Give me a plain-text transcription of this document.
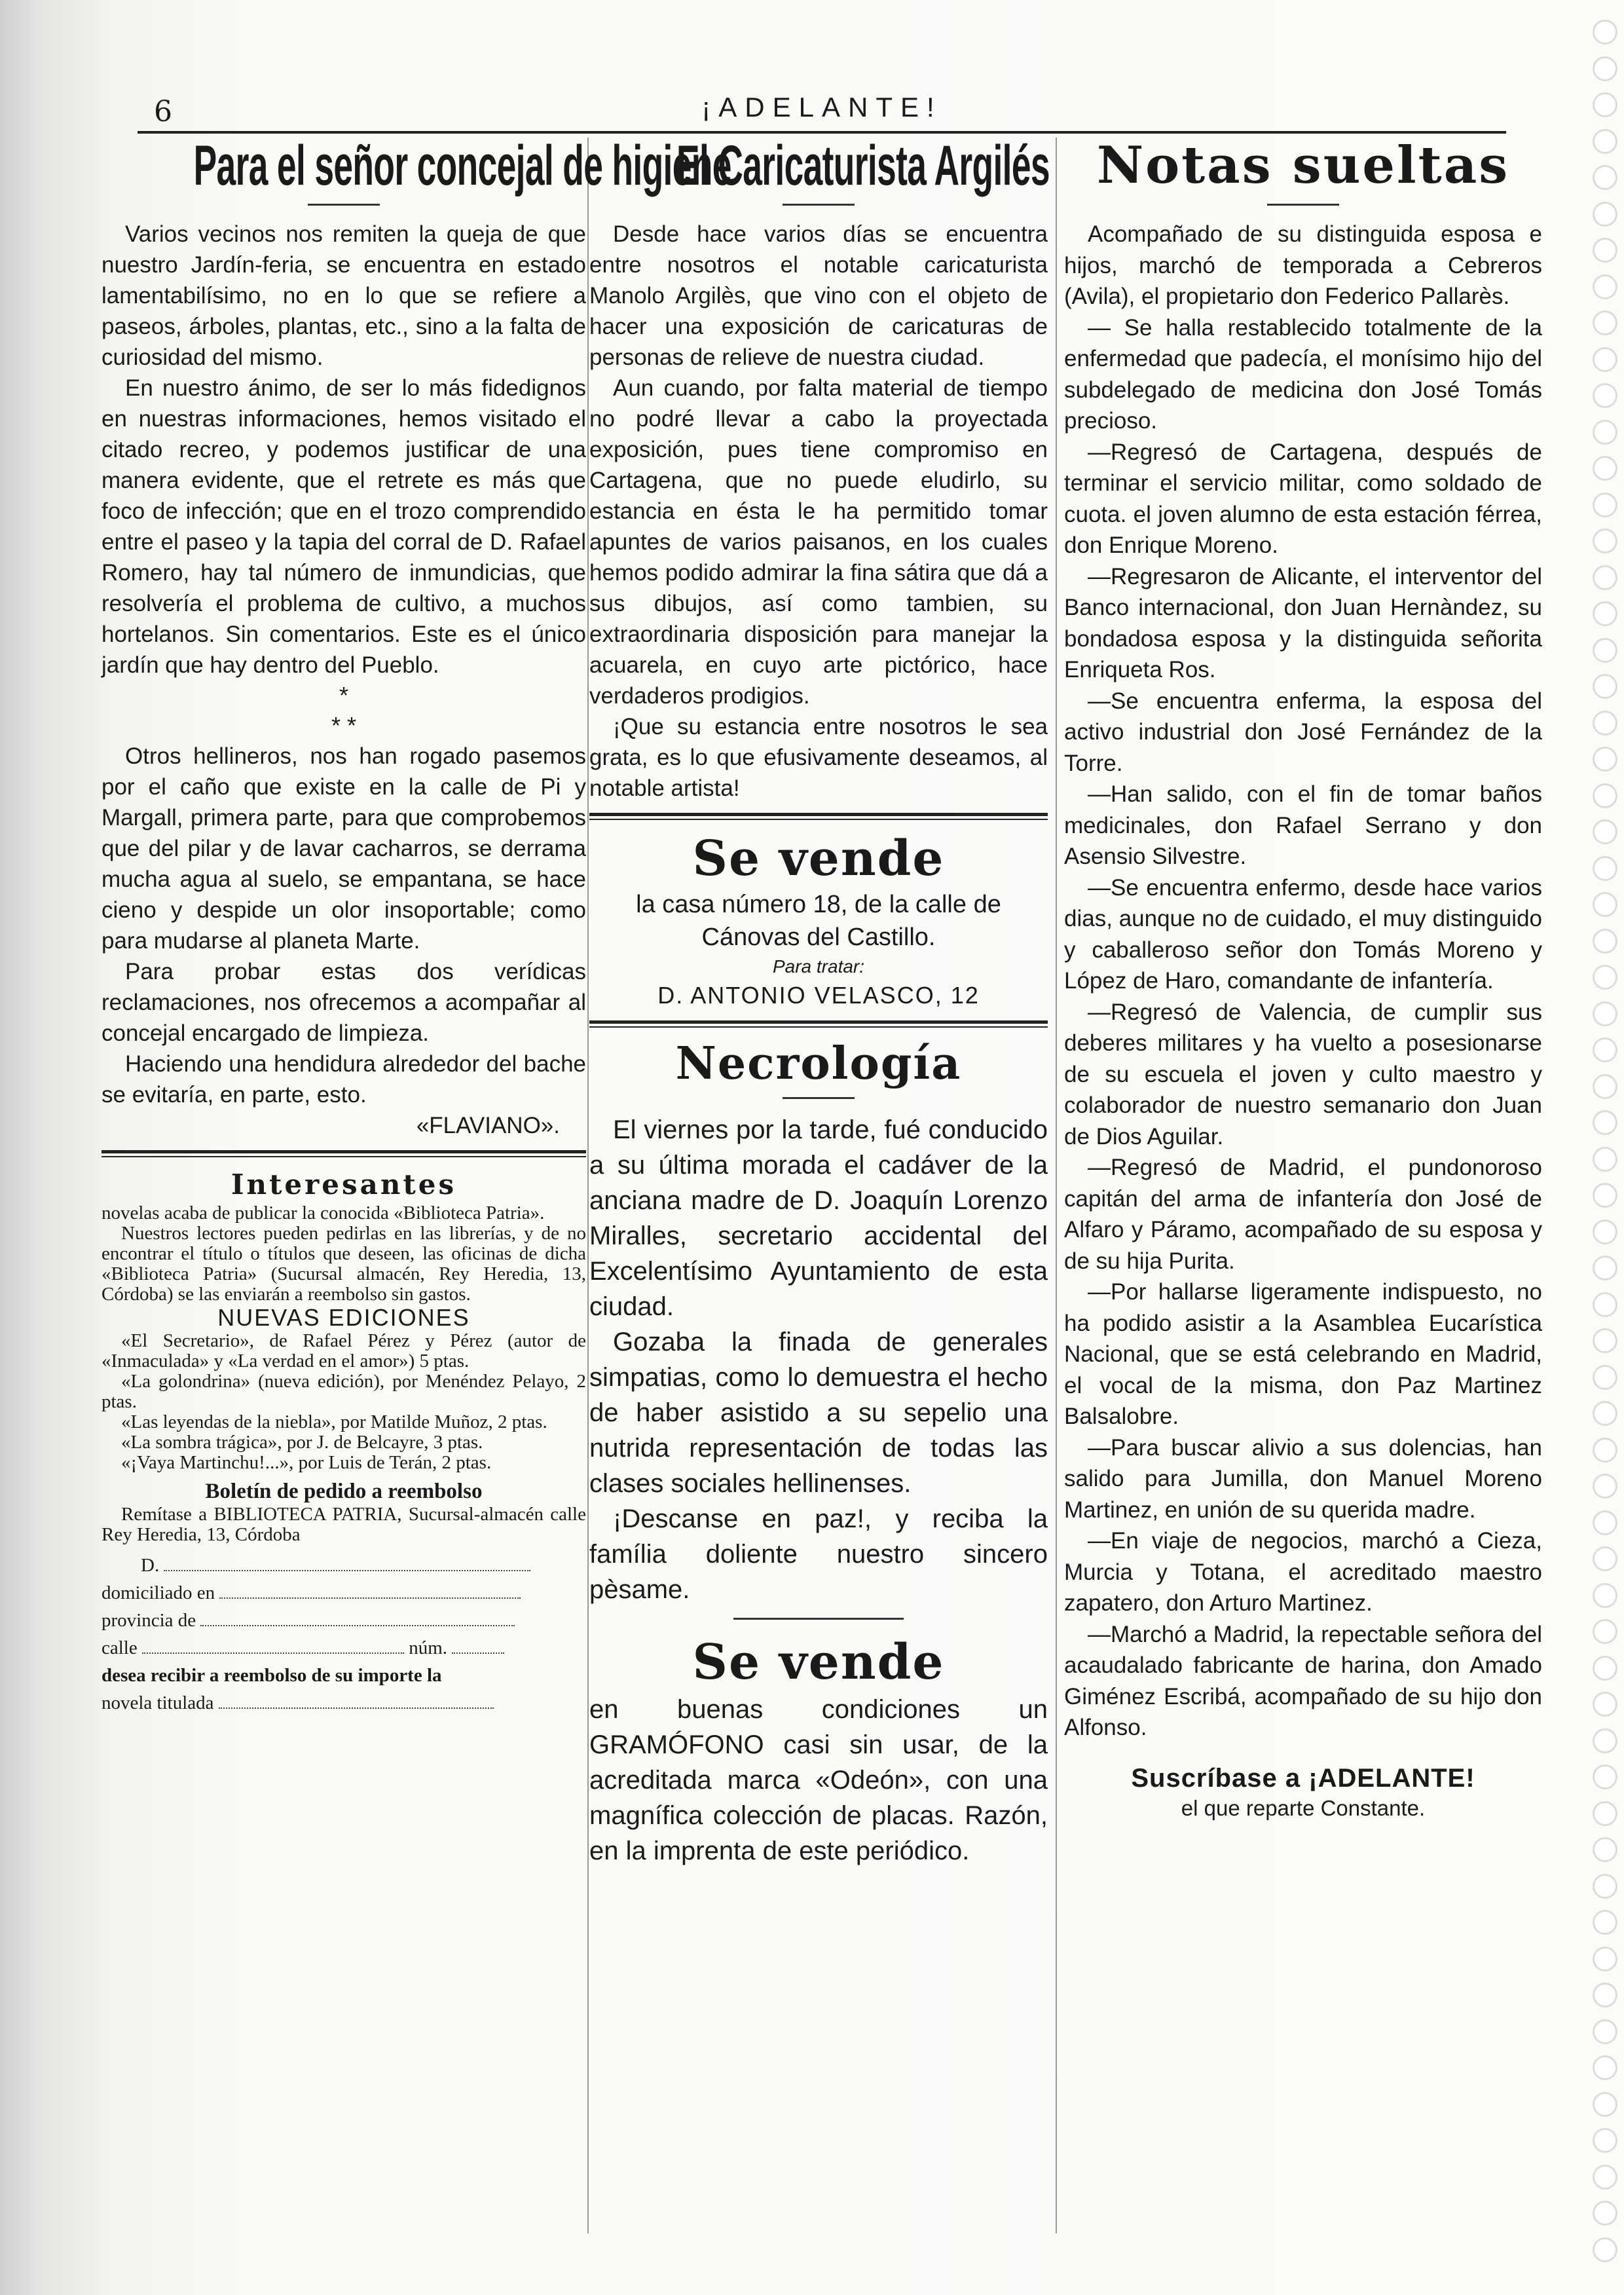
6	¡ADELANTE!
Para el señor concejal de higiene

Varios vecinos nos remiten la queja de que nuestro Jardín-feria, se encuentra en estado lamentabilísimo, no en lo que se refiere a paseos, árboles, plantas, etc., sino a la falta de curiosidad del mismo.

En nuestro ánimo, de ser lo más fidedignos en nuestras informaciones, hemos visitado el citado recreo, y podemos justificar de una manera evidente, que el retrete es más que foco de infección; que en el trozo comprendido entre el paseo y la tapia del corral de D. Rafael Romero, hay tal número de inmundicias, que resolvería el problema de cultivo, a muchos hortelanos. Sin comentarios. Este es el único jardín que hay dentro del Pueblo.

*
* *

Otros hellineros, nos han rogado pasemos por el caño que existe en la calle de Pi y Margall, primera parte, para que comprobemos que del pilar y de lavar cacharros, se derrama mucha agua al suelo, se empantana, se hace cieno y despide un olor insoportable; como para mudarse al planeta Marte.

Para probar estas dos verídicas reclamaciones, nos ofrecemos a acompañar al concejal encargado de limpieza.

Haciendo una hendidura alrededor del bache se evitaría, en parte, esto.

«FLAVIANO».
Interesantes

novelas acaba de publicar la conocida «Biblioteca Patria».

Nuestros lectores pueden pedirlas en las librerías, y de no encontrar el título o títulos que deseen, las oficinas de dicha «Biblioteca Patria» (Sucursal almacén, Rey Heredia, 13, Córdoba) se las enviarán a reembolso sin gastos.

NUEVAS EDICIONES

«El Secretario», de Rafael Pérez y Pérez (autor de «Inmaculada» y «La verdad en el amor») 5 ptas.

«La golondrina» (nueva edición), por Menéndez Pelayo, 2 ptas.

«Las leyendas de la niebla», por Matilde Muñoz, 2 ptas.

«La sombra trágica», por J. de Belcayre, 3 ptas.

«¡Vaya Martinchu!...», por Luis de Terán, 2 ptas.

Boletín de pedido a reembolso

Remítase a BIBLIOTECA PATRIA, Sucursal-almacén calle Rey Heredia, 13, Córdoba

D.
domiciliado en
provincia de
calle	núm.
desea recibir a reembolso de su importe la
novela titulada
El Caricaturista Argilés

Desde hace varios días se encuentra entre nosotros el notable caricaturista Manolo Argilès, que vino con el objeto de hacer una exposición de caricaturas de personas de relieve de nuestra ciudad.

Aun cuando, por falta material de tiempo no podré llevar a cabo la proyectada exposición, pues tiene compromiso en Cartagena, que no puede eludirlo, su estancia en ésta le ha permitido tomar apuntes de varios paisanos, en los cuales hemos podido admirar la fina sátira que dá a sus dibujos, así como tambien, su extraordinaria disposición para manejar la acuarela, en cuyo arte pictórico, hace verdaderos prodigios.

¡Que su estancia entre nosotros le sea grata, es lo que efusivamente deseamos, al notable artista!

Se vende
la casa número 18, de la calle de Cánovas del Castillo.
Para tratar:
D. ANTONIO VELASCO, 12
Necrología

El viernes por la tarde, fué conducido a su última morada el cadáver de la anciana madre de D. Joaquín Lorenzo Miralles, secretario accidental del Excelentísimo Ayuntamiento de esta ciudad.

Gozaba la finada de generales simpatias, como lo demuestra el hecho de haber asistido a su sepelio una nutrida representación de todas las clases sociales hellinenses.

¡Descanse en paz!, y reciba la família doliente nuestro sincero pèsame.

Se vende

en buenas condiciones un GRAMÓFONO casi sin usar, de la acreditada marca «Odeón», con una magnífica colección de placas. Razón, en la imprenta de este periódico.

Notas sueltas

Acompañado de su distinguida esposa e hijos, marchó de temporada a Cebreros (Avila), el propietario don Federico Pallarès.

— Se halla restablecido totalmente de la enfermedad que padecía, el monísimo hijo del subdelegado de medicina don José Tomás precioso.

—Regresó de Cartagena, después de terminar el servicio militar, como soldado de cuota. el joven alumno de esta estación férrea, don Enrique Moreno.

—Regresaron de Alicante, el interventor del Banco internacional, don Juan Hernàndez, su bondadosa esposa y la distinguida señorita Enriqueta Ros.

—Se encuentra enferma, la esposa del activo industrial don José Fernández de la Torre.

—Han salido, con el fin de tomar baños medicinales, don Rafael Serrano y don Asensio Silvestre.

—Se encuentra enfermo, desde hace varios dias, aunque no de cuidado, el muy distinguido y caballeroso señor don Tomás Moreno y López de Haro, comandante de infantería.

—Regresó de Valencia, de cumplir sus deberes militares y ha vuelto a posesionarse de su escuela el joven y culto maestro y colaborador de nuestro semanario don Juan de Dios Aguilar.

—Regresó de Madrid, el pundonoroso capitán del arma de infantería don José de Alfaro y Páramo, acompañado de su esposa y de su hija Purita.

—Por hallarse ligeramente indispuesto, no ha podido asistir a la Asamblea Eucarística Nacional, que se está celebrando en Madrid, el vocal de la misma, don Paz Martinez Balsalobre.

—Para buscar alivio a sus dolencias, han salido para Jumilla, don Manuel Moreno Martinez, en unión de su querida madre.

—En viaje de negocios, marchó a Cieza, Murcia y Totana, el acreditado maestro zapatero, don Arturo Martinez.

—Marchó a Madrid, la repectable señora del acaudalado fabricante de harina, don Amado Giménez Escribá, acompañado de su hijo don Alfonso.

Suscríbase a ¡ADELANTE!
el que reparte Constante.
